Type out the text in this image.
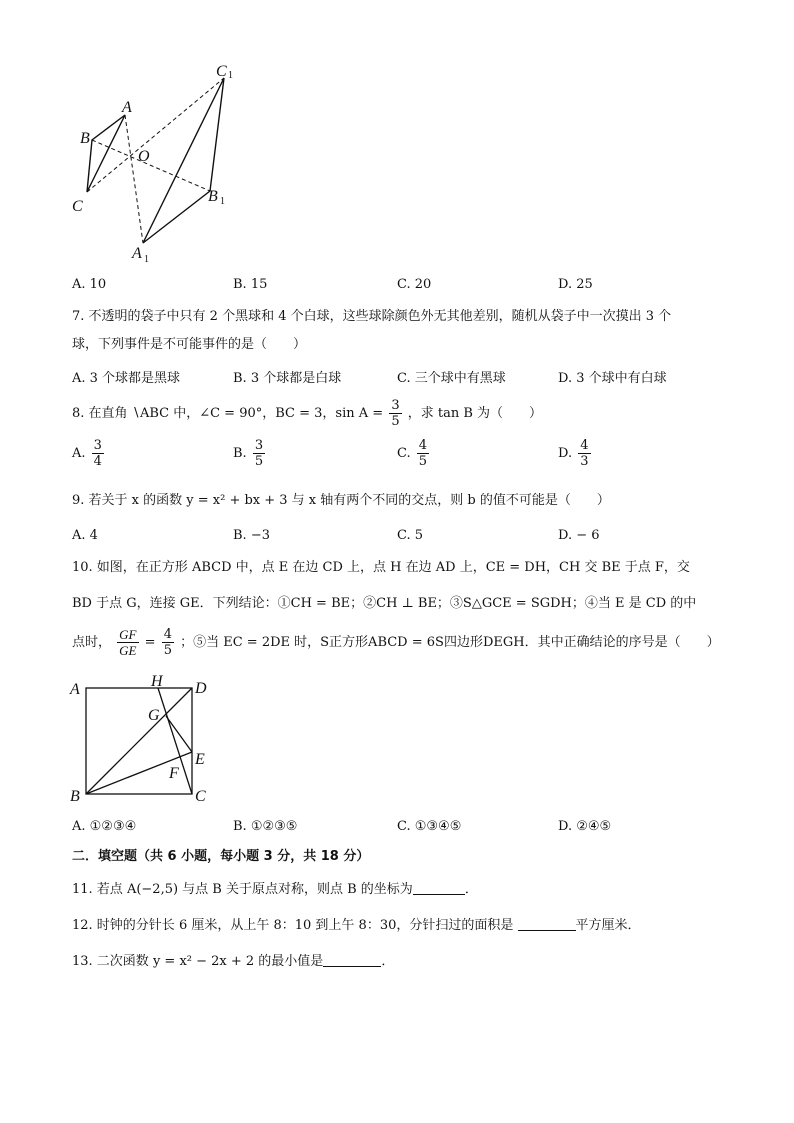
A
B
C
O
C 1
B 1
A 1
A. 10	B. 15	C. 20	D. 25
7. 不透明的袋子中只有 2 个黑球和 4 个白球，这些球除颜色外无其他差别，随机从袋子中一次摸出 3 个
球，下列事件是不可能事件的是（　　）
A. 3 个球都是黑球	B. 3 个球都是白球	C. 三个球中有黑球	D. 3 个球中有白球
8. 在直角 ∖ABC 中，∠C = 90°，BC = 3，$\sin A = \frac{3}{5}$ ，求 tan B 为（　　）
A. $\frac{3}{4}$	B. $\frac{3}{5}$	C. $\frac{4}{5}$	D. $\frac{4}{3}$
9. 若关于 x 的函数 y = x² + bx + 3 与 x 轴有两个不同的交点，则 b 的值不可能是（　　）
A. 4	B. −3	C. 5	D. − 6
10. 如图，在正方形 ABCD 中，点 E 在边 CD 上，点 H 在边 AD 上，CE = DH，CH 交 BE 于点 F，交
BD 于点 G，连接 GE．下列结论：①CH = BE；②CH ⊥ BE；③S△GCE = SGDH；④当 E 是 CD 的中
点时， $\frac{GF}{GE} = \frac{4}{5}$ ；⑤当 EC = 2DE 时，S正方形ABCD = 6S四边形DEGH．其中正确结论的序号是（　　）
A	H D
G
E
F
B	C
A. ①②③④	B. ①②③⑤	C. ①③④⑤	D. ②④⑤
二．填空题（共 6 小题，每小题 3 分，共 18 分）
11. 若点 A(−2,5) 与点 B 关于原点对称，则点 B 的坐标为	．
12. 时钟的分针长 6 厘米，从上午 8：10 到上午 8：30，分针扫过的面积是	平方厘米．
13. 二次函数 y = x² − 2x + 2 的最小值是	．
